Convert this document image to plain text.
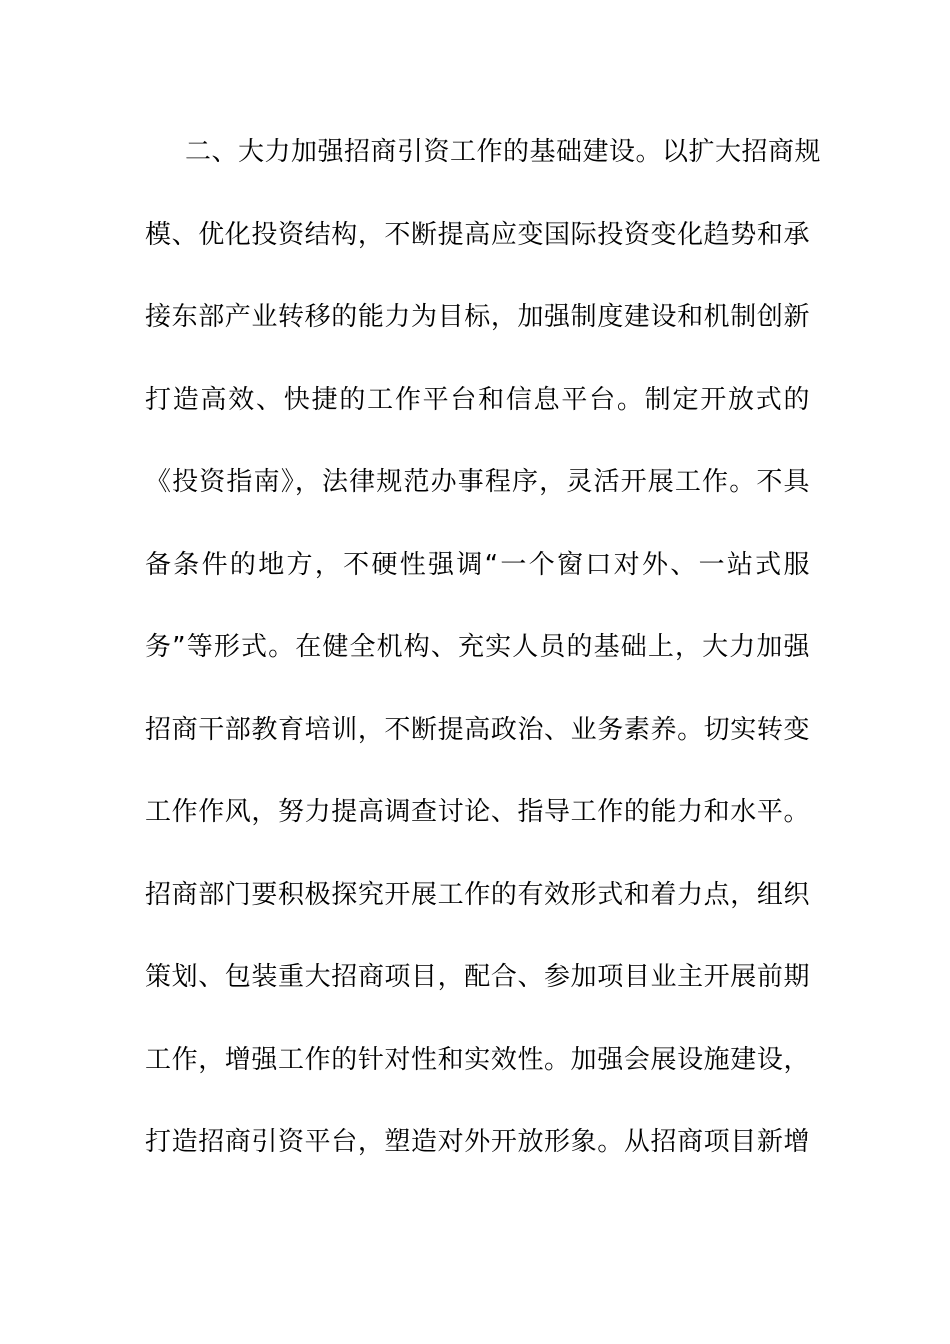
二、大力加强招商引资工作的基础建设。以扩大招商规
模、优化投资结构，不断提高应变国际投资变化趋势和承
接东部产业转移的能力为目标，加强制度建设和机制创新
打造高效、快捷的工作平台和信息平台。制定开放式的
《投资指南》，法律规范办事程序，灵活开展工作。不具
备条件的地方，不硬性强调“一个窗口对外、一站式服
务”等形式。在健全机构、充实人员的基础上，大力加强
招商干部教育培训，不断提高政治、业务素养。切实转变
工作作风，努力提高调查讨论、指导工作的能力和水平。
招商部门要积极探究开展工作的有效形式和着力点，组织
策划、包装重大招商项目，配合、参加项目业主开展前期
工作，增强工作的针对性和实效性。加强会展设施建设，
打造招商引资平台，塑造对外开放形象。从招商项目新增
